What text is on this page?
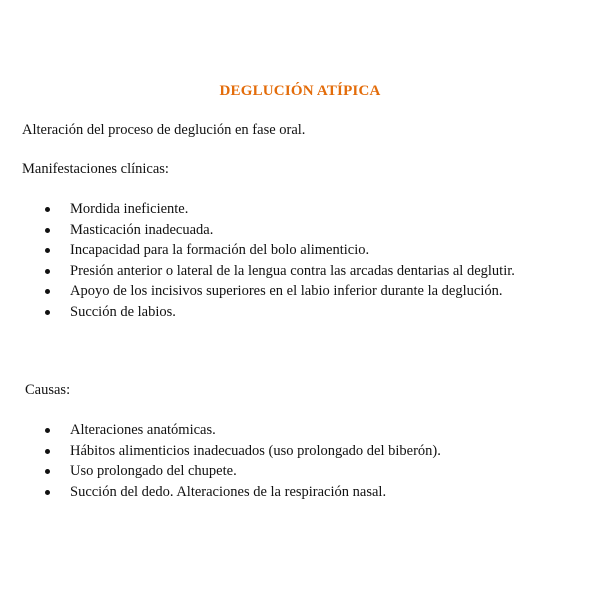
DEGLUCIÓN ATÍPICA
Alteración del proceso de deglución en fase oral.
Manifestaciones clínicas:
Mordida ineficiente.
Masticación inadecuada.
Incapacidad para la formación del bolo alimenticio.
Presión anterior o lateral de la lengua contra las arcadas dentarias al deglutir.
Apoyo de los incisivos superiores en el labio inferior durante la deglución.
Succión de labios.
Causas:
Alteraciones anatómicas.
Hábitos alimenticios inadecuados (uso prolongado del biberón).
Uso prolongado del chupete.
Succión del dedo. Alteraciones de la respiración nasal.
